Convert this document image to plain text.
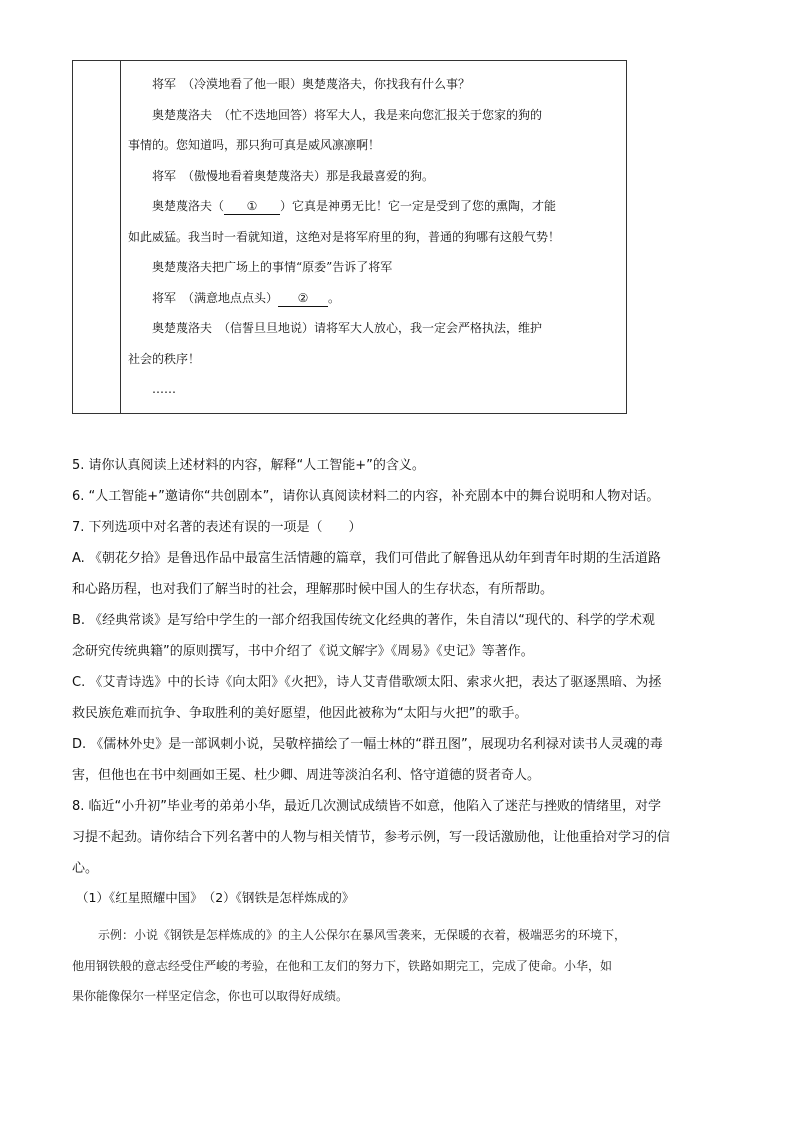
将军　（冷漠地看了他一眼）奥楚蔑洛夫，你找我有什么事？

奥楚蔑洛夫　（忙不迭地回答）将军大人，我是来向您汇报关于您家的狗的

事情的。您知道吗，那只狗可真是威风凛凛啊！

将军　（傲慢地看着奥楚蔑洛夫）那是我最喜爱的狗。

奥楚蔑洛夫（ ① ）它真是神勇无比！它一定是受到了您的熏陶，才能

如此威猛。我当时一看就知道，这绝对是将军府里的狗，普通的狗哪有这般气势！

奥楚蔑洛夫把广场上的事情“原委”告诉了将军

将军　（满意地点点头） ② 。

奥楚蔑洛夫　（信誓旦旦地说）请将军大人放心，我一定会严格执法，维护

社会的秩序！

……

5. 请你认真阅读上述材料的内容，解释“人工智能+”的含义。
6. “人工智能+”邀请你“共创剧本”，请你认真阅读材料二的内容，补充剧本中的舞台说明和人物对话。
7. 下列选项中对名著的表述有误的一项是（　　）
A. 《朝花夕拾》是鲁迅作品中最富生活情趣的篇章，我们可借此了解鲁迅从幼年到青年时期的生活道路
和心路历程，也对我们了解当时的社会，理解那时候中国人的生存状态，有所帮助。
B. 《经典常谈》是写给中学生的一部介绍我国传统文化经典的著作，朱自清以“现代的、科学的学术观
念研究传统典籍”的原则撰写，书中介绍了《说文解字》《周易》《史记》等著作。
C. 《艾青诗选》中的长诗《向太阳》《火把》，诗人艾青借歌颂太阳、索求火把，表达了驱逐黑暗、为拯
救民族危难而抗争、争取胜利的美好愿望，他因此被称为“太阳与火把”的歌手。
D. 《儒林外史》是一部讽刺小说，吴敬梓描绘了一幅士林的“群丑图”，展现功名利禄对读书人灵魂的毒
害，但他也在书中刻画如王冕、杜少卿、周进等淡泊名利、恪守道德的贤者奇人。
8. 临近“小升初”毕业考的弟弟小华，最近几次测试成绩皆不如意，他陷入了迷茫与挫败的情绪里，对学
习提不起劲。请你结合下列名著中的人物与相关情节，参考示例，写一段话激励他，让他重拾对学习的信
心。
（1）《红星照耀中国》　（2）《钢铁是怎样炼成的》

示例：小说《钢铁是怎样炼成的》的主人公保尔在暴风雪袭来，无保暖的衣着，极端恶劣的环境下，

他用钢铁般的意志经受住严峻的考验，在他和工友们的努力下，铁路如期完工，完成了使命。小华，如

果你能像保尔一样坚定信念，你也可以取得好成绩。
